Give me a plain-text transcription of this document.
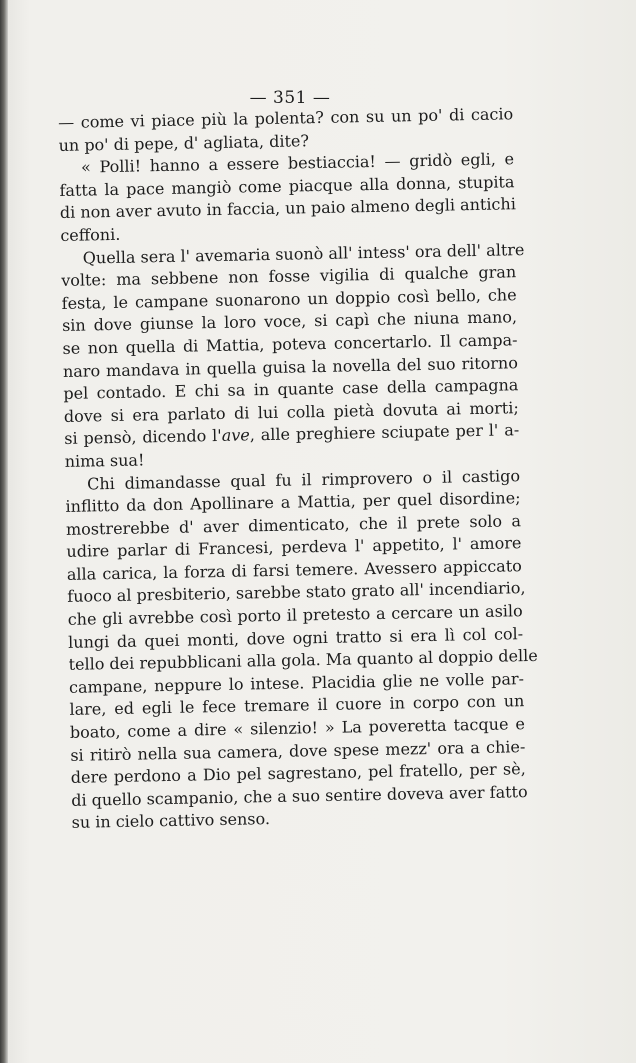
— 351 —
— come vi piace più la polenta? con su un po' di cacio
un po' di pepe, d' agliata, dite?
« Polli! hanno a essere bestiaccia! — gridò egli, e
fatta la pace mangiò come piacque alla donna, stupita
di non aver avuto in faccia, un paio almeno degli antichi
ceffoni.
Quella sera l' avemaria suonò all' intess' ora dell' altre
volte: ma sebbene non fosse vigilia di qualche gran
festa, le campane suonarono un doppio così bello, che
sin dove giunse la loro voce, si capì che niuna mano,
se non quella di Mattia, poteva concertarlo. Il campa-
naro mandava in quella guisa la novella del suo ritorno
pel contado. E chi sa in quante case della campagna
dove si era parlato di lui colla pietà dovuta ai morti;
si pensò, dicendo l'ave, alle preghiere sciupate per l' a-
nima sua!
Chi dimandasse qual fu il rimprovero o il castigo
inflitto da don Apollinare a Mattia, per quel disordine;
mostrerebbe d' aver dimenticato, che il prete solo a
udire parlar di Francesi, perdeva l' appetito, l' amore
alla carica, la forza di farsi temere. Avessero appiccato
fuoco al presbiterio, sarebbe stato grato all' incendiario,
che gli avrebbe così porto il pretesto a cercare un asilo
lungi da quei monti, dove ogni tratto si era lì col col-
tello dei repubblicani alla gola. Ma quanto al doppio delle
campane, neppure lo intese. Placidia glie ne volle par-
lare, ed egli le fece tremare il cuore in corpo con un
boato, come a dire « silenzio! » La poveretta tacque e
si ritirò nella sua camera, dove spese mezz' ora a chie-
dere perdono a Dio pel sagrestano, pel fratello, per sè,
di quello scampanio, che a suo sentire doveva aver fatto
su in cielo cattivo senso.
